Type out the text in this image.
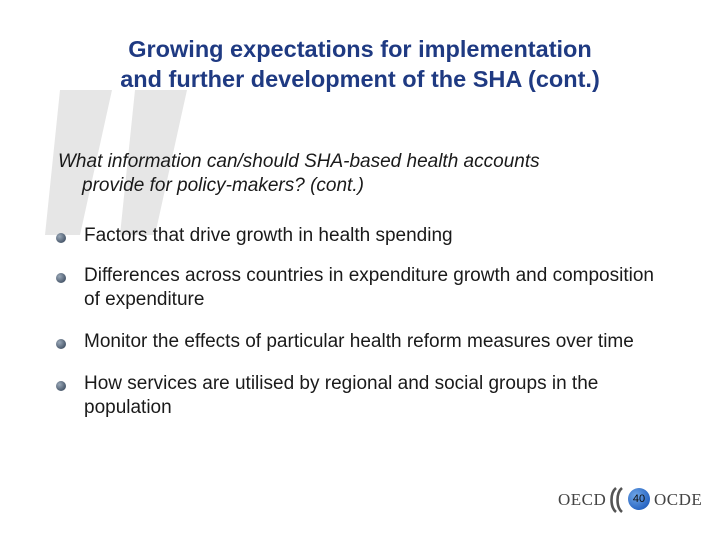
Growing expectations for implementation
and further development of the SHA (cont.)
What information can/should SHA-based health accounts
provide for policy-makers? (cont.)
Factors that drive growth in health spending
Differences across countries in expenditure growth and composition of expenditure
Monitor the effects of particular health reform measures over time
How services are utilised by regional and social groups in the population
OECD	OCDE
40
